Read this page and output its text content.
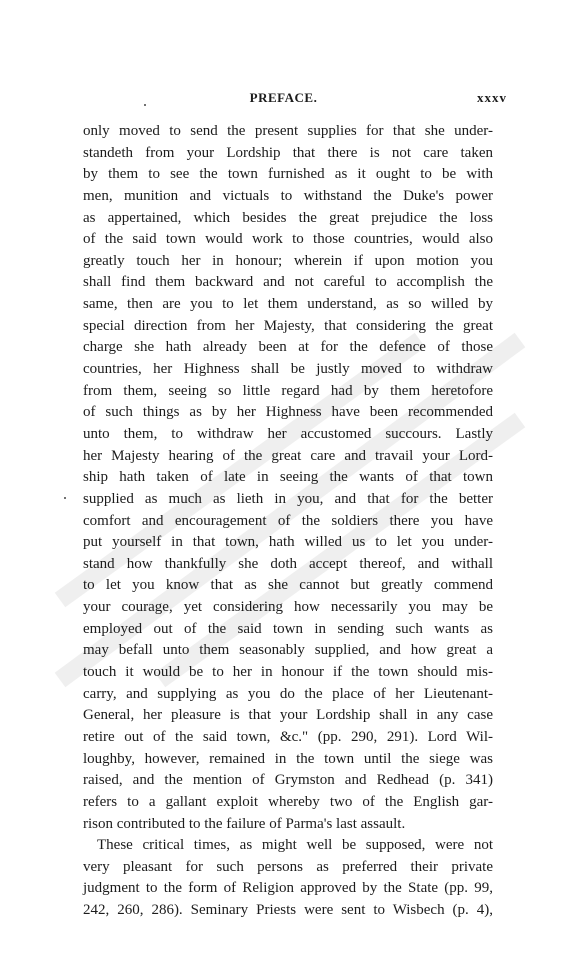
PREFACE.	xxxv
only moved to send the present supplies for that she under-
standeth from your Lordship that there is not care taken
by them to see the town furnished as it ought to be with
men, munition and victuals to withstand the Duke's power
as appertained, which besides the great prejudice the loss
of the said town would work to those countries, would also
greatly touch her in honour; wherein if upon motion you
shall find them backward and not careful to accomplish the
same, then are you to let them understand, as so willed by
special direction from her Majesty, that considering the great
charge she hath already been at for the defence of those
countries, her Highness shall be justly moved to withdraw
from them, seeing so little regard had by them heretofore
of such things as by her Highness have been recommended
unto them, to withdraw her accustomed succours. Lastly
her Majesty hearing of the great care and travail your Lord-
ship hath taken of late in seeing the wants of that town
supplied as much as lieth in you, and that for the better
comfort and encouragement of the soldiers there you have
put yourself in that town, hath willed us to let you under-
stand how thankfully she doth accept thereof, and withall
to let you know that as she cannot but greatly commend
your courage, yet considering how necessarily you may be
employed out of the said town in sending such wants as
may befall unto them seasonably supplied, and how great a
touch it would be to her in honour if the town should mis-
carry, and supplying as you do the place of her Lieutenant-
General, her pleasure is that your Lordship shall in any case
retire out of the said town, &c." (pp. 290, 291). Lord Wil-
loughby, however, remained in the town until the siege was
raised, and the mention of Grymston and Redhead (p. 341)
refers to a gallant exploit whereby two of the English gar-
rison contributed to the failure of Parma's last assault.
These critical times, as might well be supposed, were not
very pleasant for such persons as preferred their private
judgment to the form of Religion approved by the State (pp. 99,
242, 260, 286). Seminary Priests were sent to Wisbech (p. 4),
